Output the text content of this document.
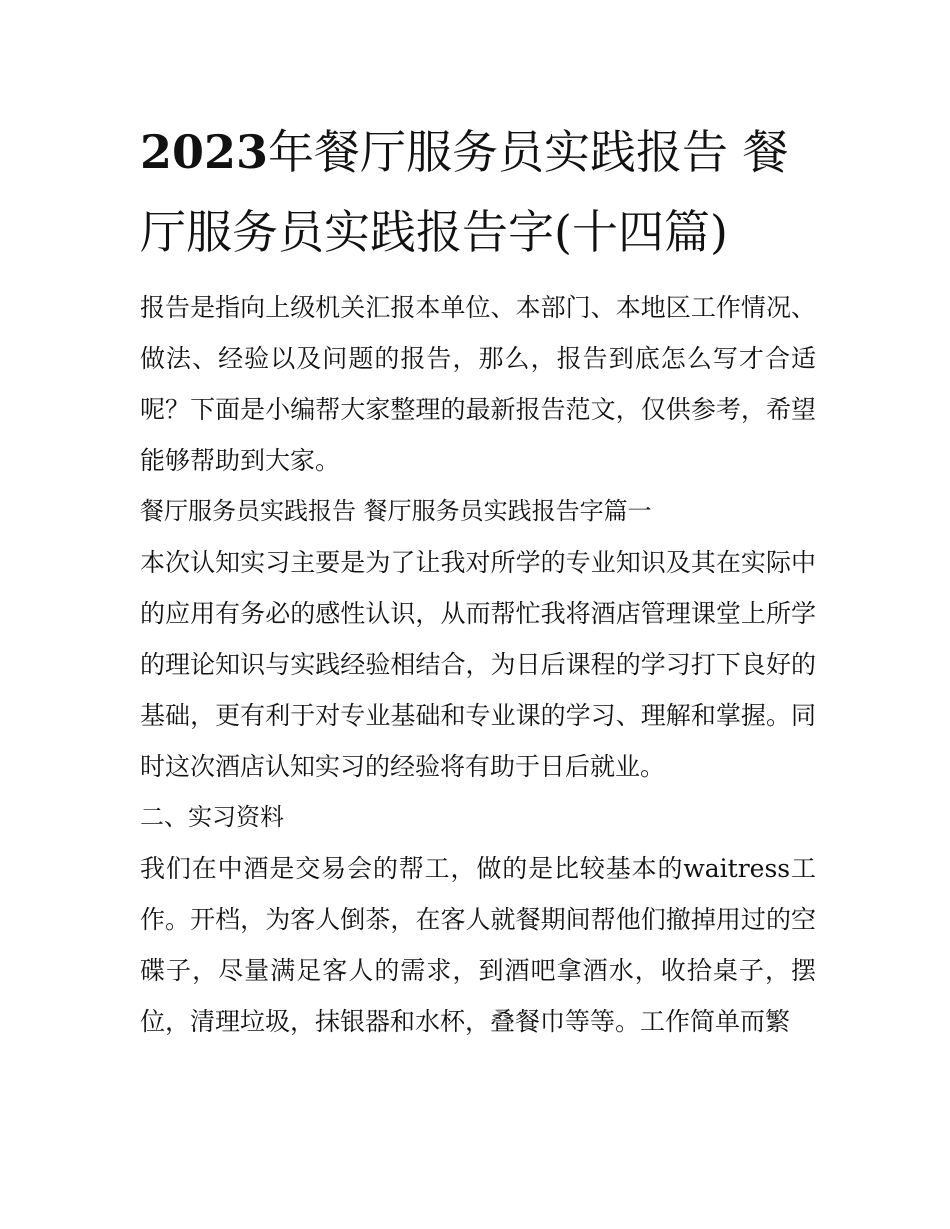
2023年餐厅服务员实践报告 餐厅服务员实践报告字(十四篇)

报告是指向上级机关汇报本单位、本部门、本地区工作情况、做法、经验以及问题的报告，那么，报告到底怎么写才合适呢？下面是小编帮大家整理的最新报告范文，仅供参考，希望能够帮助到大家。

餐厅服务员实践报告 餐厅服务员实践报告字篇一

本次认知实习主要是为了让我对所学的专业知识及其在实际中的应用有务必的感性认识，从而帮忙我将酒店管理课堂上所学的理论知识与实践经验相结合，为日后课程的学习打下良好的基础，更有利于对专业基础和专业课的学习、理解和掌握。同时这次酒店认知实习的经验将有助于日后就业。

二、实习资料

我们在中酒是交易会的帮工，做的是比较基本的waitress工作。开档，为客人倒茶，在客人就餐期间帮他们撤掉用过的空碟子，尽量满足客人的需求，到酒吧拿酒水，收拾桌子，摆位，清理垃圾，抹银器和水杯，叠餐巾等等。工作简单而繁
